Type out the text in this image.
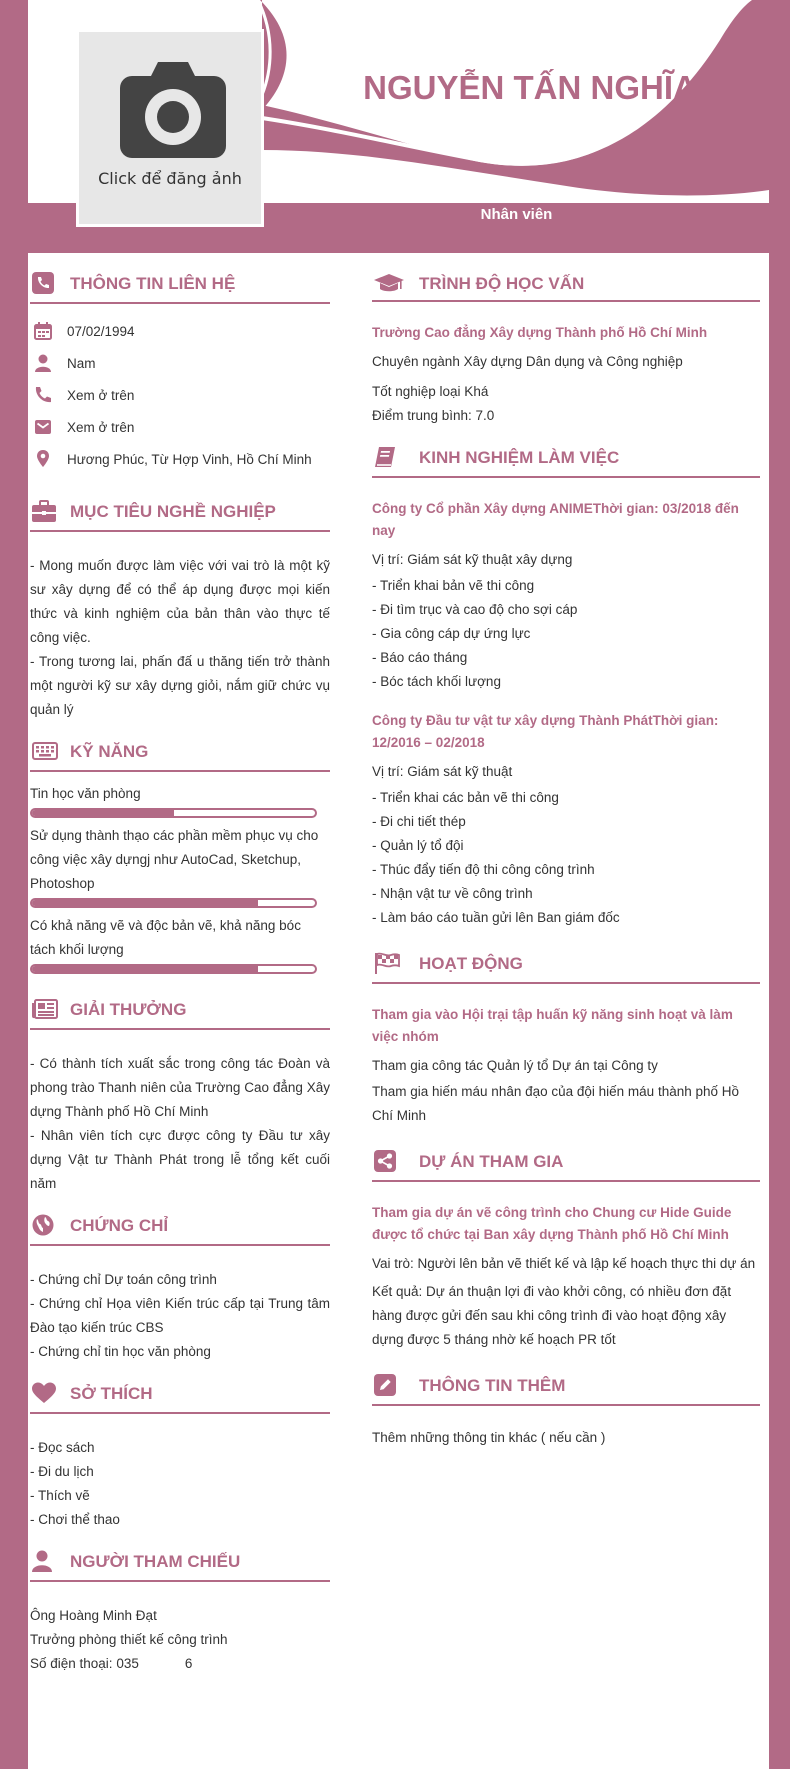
Click để đăng ảnh
NGUYỄN TẤN NGHĨA
Nhân viên
THÔNG TIN LIÊN HỆ
07/02/1994
Nam
Xem ở trên
Xem ở trên
Hương Phúc, Từ Hợp Vinh, Hồ Chí Minh
MỤC TIÊU NGHỀ NGHIỆP
- Mong muốn được làm việc với vai trò là một kỹ sư xây dựng để có thể áp dụng được mọi kiến thức và kinh nghiệm của bản thân vào thực tế công việc.
- Trong tương lai, phấn đấ u thăng tiến trở thành một người kỹ sư xây dựng giỏi, nắm giữ chức vụ quản lý
KỸ NĂNG
Tin học văn phòng
Sử dụng thành thạo các phần mềm phục vụ cho công việc xây dựngj như AutoCad, Sketchup, Photoshop
Có khả năng vẽ và độc bản vẽ, khả năng bóc tách khối lượng
GIẢI THƯỞNG
- Có thành tích xuất sắc trong công tác Đoàn và phong trào Thanh niên của Trường Cao đẳng Xây dựng Thành phố Hồ Chí Minh
- Nhân viên tích cực được công ty Đầu tư xây dựng Vật tư Thành Phát trong lễ tổng kết cuối năm
CHỨNG CHỈ
- Chứng chỉ Dự toán công trình
- Chứng chỉ Họa viên Kiến trúc cấp tại Trung tâm Đào tạo kiến trúc CBS
- Chứng chỉ tin học văn phòng
SỞ THÍCH
- Đọc sách
- Đi du lịch
- Thích vẽ
- Chơi thể thao
NGƯỜI THAM CHIẾU
Ông Hoàng Minh Đạt
Trưởng phòng thiết kế công trình
Số điện thoại: 035	6
TRÌNH ĐỘ HỌC VẤN
Trường Cao đẳng Xây dựng Thành phố Hồ Chí Minh
Chuyên ngành Xây dựng Dân dụng và Công nghiệp
Tốt nghiệp loại Khá
Điểm trung bình: 7.0
KINH NGHIỆM LÀM VIỆC
Công ty Cổ phần Xây dựng ANIMEThời gian: 03/2018 đến nay
Vị trí: Giám sát kỹ thuật xây dựng
- Triển khai bản vẽ thi công
- Đi tìm trục và cao độ cho sợi cáp
- Gia công cáp dự ứng lực
- Báo cáo tháng
- Bóc tách khối lượng
Công ty Đầu tư vật tư xây dựng Thành PhátThời gian: 12/2016 – 02/2018
Vị trí: Giám sát kỹ thuật
- Triển khai các bản vẽ thi công
- Đi chi tiết thép
- Quản lý tổ đội
- Thúc đẩy tiến độ thi công công trình
- Nhận vật tư về công trình
- Làm báo cáo tuần gửi lên Ban giám đốc
HOẠT ĐỘNG
Tham gia vào Hội trại tập huấn kỹ năng sinh hoạt và làm việc nhóm
Tham gia công tác Quản lý tổ Dự án tại Công ty
Tham gia hiến máu nhân đạo của đội hiến máu thành phố Hồ Chí Minh
DỰ ÁN THAM GIA
Tham gia dự án vẽ công trình cho Chung cư Hide Guide được tổ chức tại Ban xây dựng Thành phố Hồ Chí Minh
Vai trò: Người lên bản vẽ thiết kế và lập kế hoạch thực thi dự án
Kết quả: Dự án thuận lợi đi vào khởi công, có nhiều đơn đặt hàng được gửi đến sau khi công trình đi vào hoạt động xây dựng được 5 tháng nhờ kế hoạch PR tốt
THÔNG TIN THÊM
Thêm những thông tin khác ( nếu cần )
